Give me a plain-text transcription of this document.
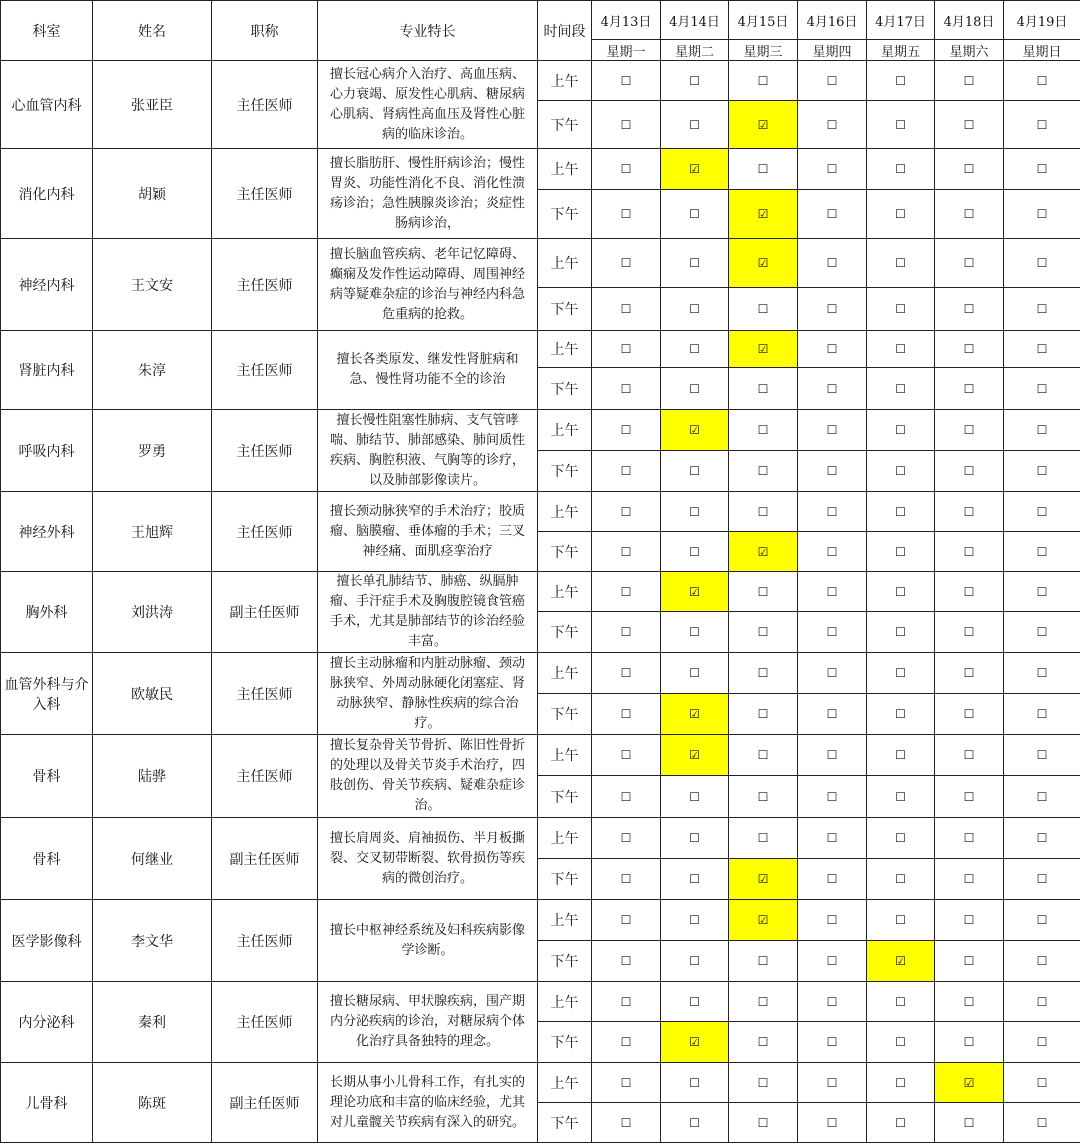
科室	姓名	职称	专业特长	时间段	4月13日	4月14日	4月15日	4月16日	4月17日	4月18日	4月19日
					星期一	星期二	星期三	星期四	星期五	星期六	星期日
心血管内科	张亚臣	主任医师	擅长冠心病介入治疗、高血压病、心力衰竭、原发性心肌病、糖尿病心肌病、肾病性高血压及肾性心脏病的临床诊治。	上午	☐	☐	☐	☐	☐	☐	☐
				下午	☐	☐	☑	☐	☐	☐	☐
消化内科	胡颖	主任医师	擅长脂肪肝、慢性肝病诊治；慢性胃炎、功能性消化不良、消化性溃疡诊治；急性胰腺炎诊治；炎症性肠病诊治，	上午	☐	☑	☐	☐	☐	☐	☐
				下午	☐	☐	☑	☐	☐	☐	☐
神经内科	王文安	主任医师	擅长脑血管疾病、老年记忆障碍、癫痫及发作性运动障碍、周围神经病等疑难杂症的诊治与神经内科急危重病的抢救。	上午	☐	☐	☑	☐	☐	☐	☐
				下午	☐	☐	☐	☐	☐	☐	☐
肾脏内科	朱淳	主任医师	擅长各类原发、继发性肾脏病和急、慢性肾功能不全的诊治	上午	☐	☐	☑	☐	☐	☐	☐
				下午	☐	☐	☐	☐	☐	☐	☐
呼吸内科	罗勇	主任医师	擅长慢性阻塞性肺病、支气管哮喘、肺结节、肺部感染、肺间质性疾病、胸腔积液、气胸等的诊疗，以及肺部影像读片。	上午	☐	☑	☐	☐	☐	☐	☐
				下午	☐	☐	☐	☐	☐	☐	☐
神经外科	王旭辉	主任医师	擅长颈动脉狭窄的手术治疗；胶质瘤、脑膜瘤、垂体瘤的手术；三叉神经痛、面肌痉挛治疗	上午	☐	☐	☐	☐	☐	☐	☐
				下午	☐	☐	☑	☐	☐	☐	☐
胸外科	刘洪涛	副主任医师	擅长单孔肺结节、肺癌、纵膈肿瘤、手汗症手术及胸腹腔镜食管癌手术，尤其是肺部结节的诊治经验丰富。	上午	☐	☑	☐	☐	☐	☐	☐
				下午	☐	☐	☐	☐	☐	☐	☐
血管外科与介入科	欧敏民	主任医师	擅长主动脉瘤和内脏动脉瘤、颈动脉狭窄、外周动脉硬化闭塞症、肾动脉狭窄、静脉性疾病的综合治疗。	上午	☐	☐	☐	☐	☐	☐	☐
				下午	☐	☑	☐	☐	☐	☐	☐
骨科	陆骅	主任医师	擅长复杂骨关节骨折、陈旧性骨折的处理以及骨关节炎手术治疗，四肢创伤、骨关节疾病、疑难杂症诊治。	上午	☐	☑	☐	☐	☐	☐	☐
				下午	☐	☐	☐	☐	☐	☐	☐
骨科	何继业	副主任医师	擅长肩周炎、肩袖损伤、半月板撕裂、交叉韧带断裂、软骨损伤等疾病的微创治疗。	上午	☐	☐	☐	☐	☐	☐	☐
				下午	☐	☐	☑	☐	☐	☐	☐
医学影像科	李文华	主任医师	擅长中枢神经系统及妇科疾病影像学诊断。	上午	☐	☐	☑	☐	☐	☐	☐
				下午	☐	☐	☐	☐	☑	☐	☐
内分泌科	秦利	主任医师	擅长糖尿病、甲状腺疾病，围产期内分泌疾病的诊治，对糖尿病个体化治疗具备独特的理念。	上午	☐	☐	☐	☐	☐	☐	☐
				下午	☐	☑	☐	☐	☐	☐	☐
儿骨科	陈斑	副主任医师	长期从事小儿骨科工作，有扎实的理论功底和丰富的临床经验，尤其对儿童髋关节疾病有深入的研究。	上午	☐	☐	☐	☐	☐	☑	☐
				下午	☐	☐	☐	☐	☐	☐	☐
